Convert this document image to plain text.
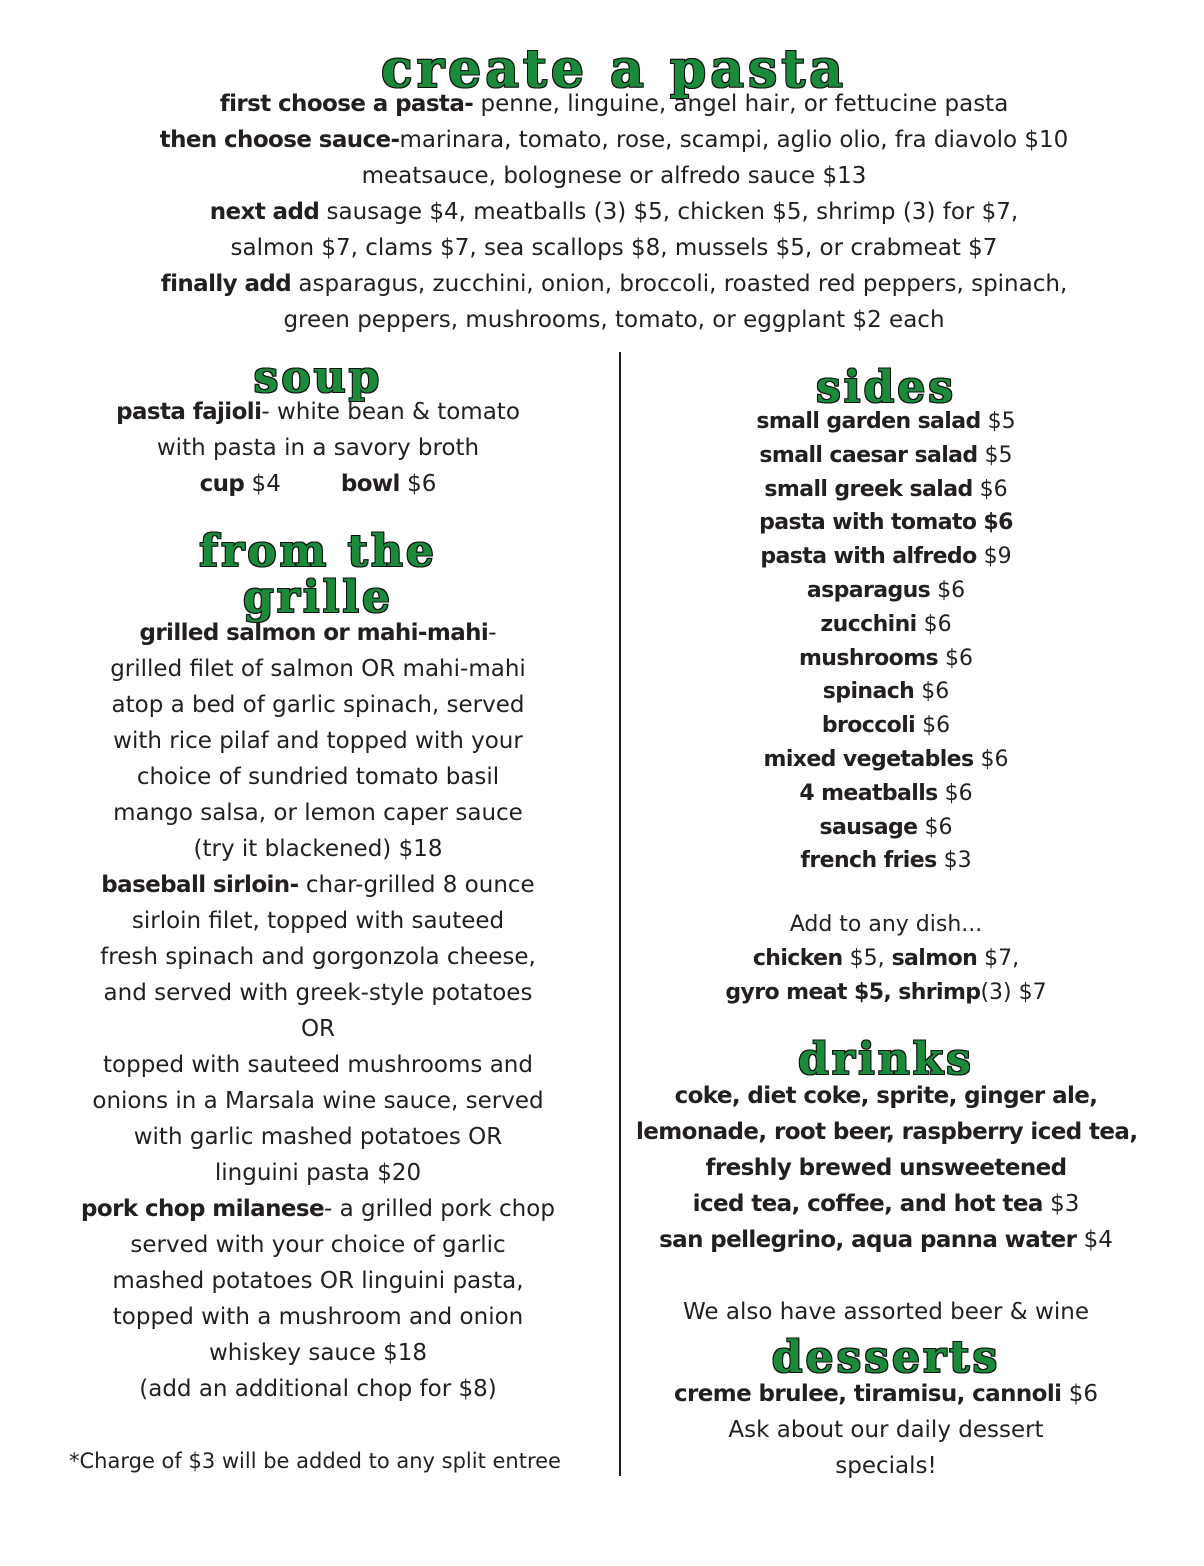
create a pasta
first choose a pasta- penne, linguine, angel hair, or fettucine pasta
then choose sauce-marinara, tomato, rose, scampi, aglio olio, fra diavolo $10
meatsauce, bolognese or alfredo sauce $13
next add sausage $4, meatballs (3) $5, chicken $5, shrimp (3) for $7,
salmon $7, clams $7, sea scallops $8, mussels $5, or crabmeat $7
finally add asparagus, zucchini, onion, broccoli, roasted red peppers, spinach,
green peppers, mushrooms, tomato, or eggplant $2 each
soup
pasta fajioli- white bean & tomato
with pasta in a savory broth
cup $4	bowl $6
from the
grille
grilled salmon or mahi-mahi-
grilled filet of salmon OR mahi-mahi
atop a bed of garlic spinach, served
with rice pilaf and topped with your
choice of sundried tomato basil
mango salsa, or lemon caper sauce
(try it blackened) $18
baseball sirloin- char-grilled 8 ounce
sirloin filet, topped with sauteed
fresh spinach and gorgonzola cheese,
and served with greek-style potatoes
OR
topped with sauteed mushrooms and
onions in a Marsala wine sauce, served
with garlic mashed potatoes OR
linguini pasta $20
pork chop milanese- a grilled pork chop
served with your choice of garlic
mashed potatoes OR linguini pasta,
topped with a mushroom and onion
whiskey sauce $18
(add an additional chop for $8)
*Charge of $3 will be added to any split entree
sides
small garden salad $5
small caesar salad $5
small greek salad $6
pasta with tomato $6
pasta with alfredo $9
asparagus $6
zucchini $6
mushrooms $6
spinach $6
broccoli $6
mixed vegetables $6
4 meatballs $6
sausage $6
french fries $3
Add to any dish...
chicken $5, salmon $7,
gyro meat $5, shrimp(3) $7
drinks
coke, diet coke, sprite, ginger ale,
lemonade, root beer, raspberry iced tea,
freshly brewed unsweetened
iced tea, coffee, and hot tea $3
san pellegrino, aqua panna water $4
We also have assorted beer & wine
desserts
creme brulee, tiramisu, cannoli $6
Ask about our daily dessert
specials!
